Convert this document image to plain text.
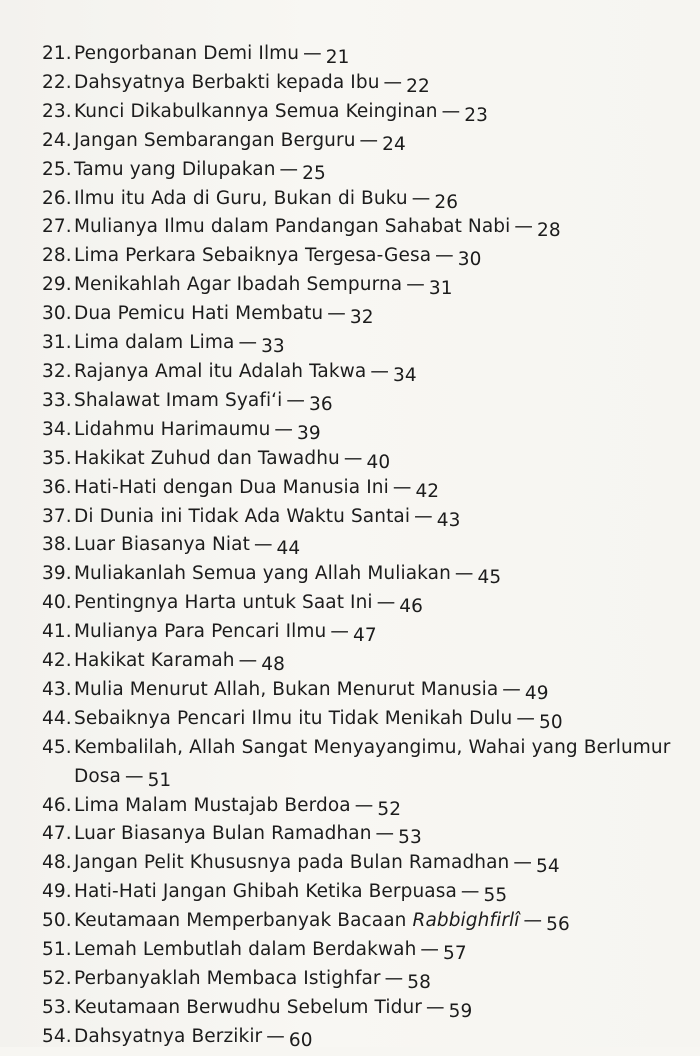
21. Pengorbanan Demi Ilmu — 21
22. Dahsyatnya Berbakti kepada Ibu — 22
23. Kunci Dikabulkannya Semua Keinginan — 23
24. Jangan Sembarangan Berguru — 24
25. Tamu yang Dilupakan — 25
26. Ilmu itu Ada di Guru, Bukan di Buku — 26
27. Mulianya Ilmu dalam Pandangan Sahabat Nabi — 28
28. Lima Perkara Sebaiknya Tergesa-Gesa — 30
29. Menikahlah Agar Ibadah Sempurna — 31
30. Dua Pemicu Hati Membatu — 32
31. Lima dalam Lima — 33
32. Rajanya Amal itu Adalah Takwa — 34
33. Shalawat Imam Syafi‘i — 36
34. Lidahmu Harimaumu — 39
35. Hakikat Zuhud dan Tawadhu — 40
36. Hati-Hati dengan Dua Manusia Ini — 42
37. Di Dunia ini Tidak Ada Waktu Santai — 43
38. Luar Biasanya Niat — 44
39. Muliakanlah Semua yang Allah Muliakan — 45
40. Pentingnya Harta untuk Saat Ini — 46
41. Mulianya Para Pencari Ilmu — 47
42. Hakikat Karamah — 48
43. Mulia Menurut Allah, Bukan Menurut Manusia — 49
44. Sebaiknya Pencari Ilmu itu Tidak Menikah Dulu — 50
45. Kembalilah, Allah Sangat Menyayangimu, Wahai yang Berlumur Dosa — 51
46. Lima Malam Mustajab Berdoa — 52
47. Luar Biasanya Bulan Ramadhan — 53
48. Jangan Pelit Khususnya pada Bulan Ramadhan — 54
49. Hati-Hati Jangan Ghibah Ketika Berpuasa — 55
50. Keutamaan Memperbanyak Bacaan Rabbighfirlî — 56
51. Lemah Lembutlah dalam Berdakwah — 57
52. Perbanyaklah Membaca Istighfar — 58
53. Keutamaan Berwudhu Sebelum Tidur — 59
54. Dahsyatnya Berzikir — 60
